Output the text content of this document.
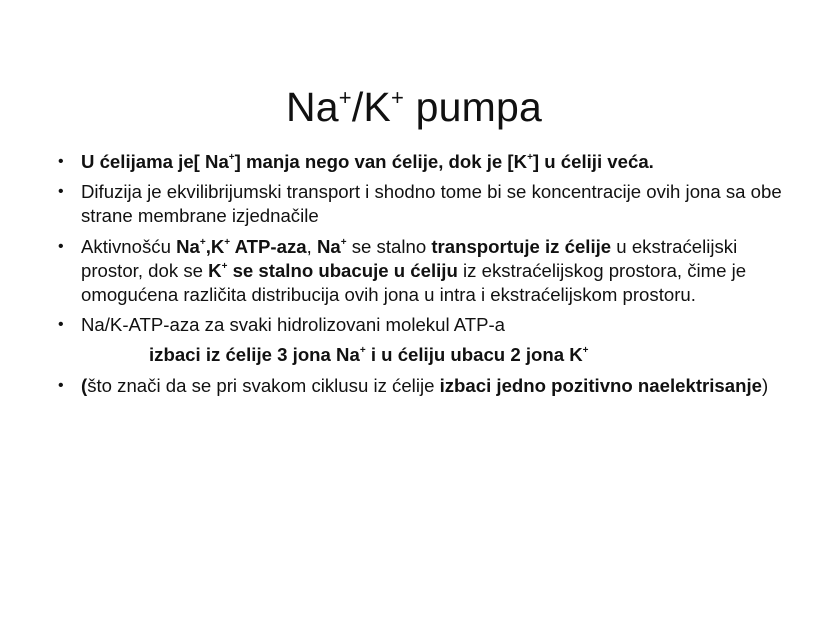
Na+/K+ pumpa
• U ćelijama je[ Na+] manja nego van ćelije, dok je [K+] u ćeliji veća.
• Difuzija je ekvilibrijumski transport i shodno tome bi se koncentracije ovih jona sa obe strane membrane izjednačile
• Aktivnošću Na+,K+ ATP-aza, Na+ se stalno transportuje iz ćelije u ekstraćelijski prostor, dok se K+ se stalno ubacuje u ćeliju iz ekstraćelijskog prostora, čime je omogućena različita distribucija ovih jona u intra i ekstraćelijskom prostoru.
• Na/K-ATP-aza za svaki hidrolizovani molekul ATP-a
izbaci iz ćelije 3 jona Na+ i u ćeliju ubacu 2 jona K+
• (što znači da se pri svakom ciklusu iz ćelije izbaci jedno pozitivno naelektrisanje)
